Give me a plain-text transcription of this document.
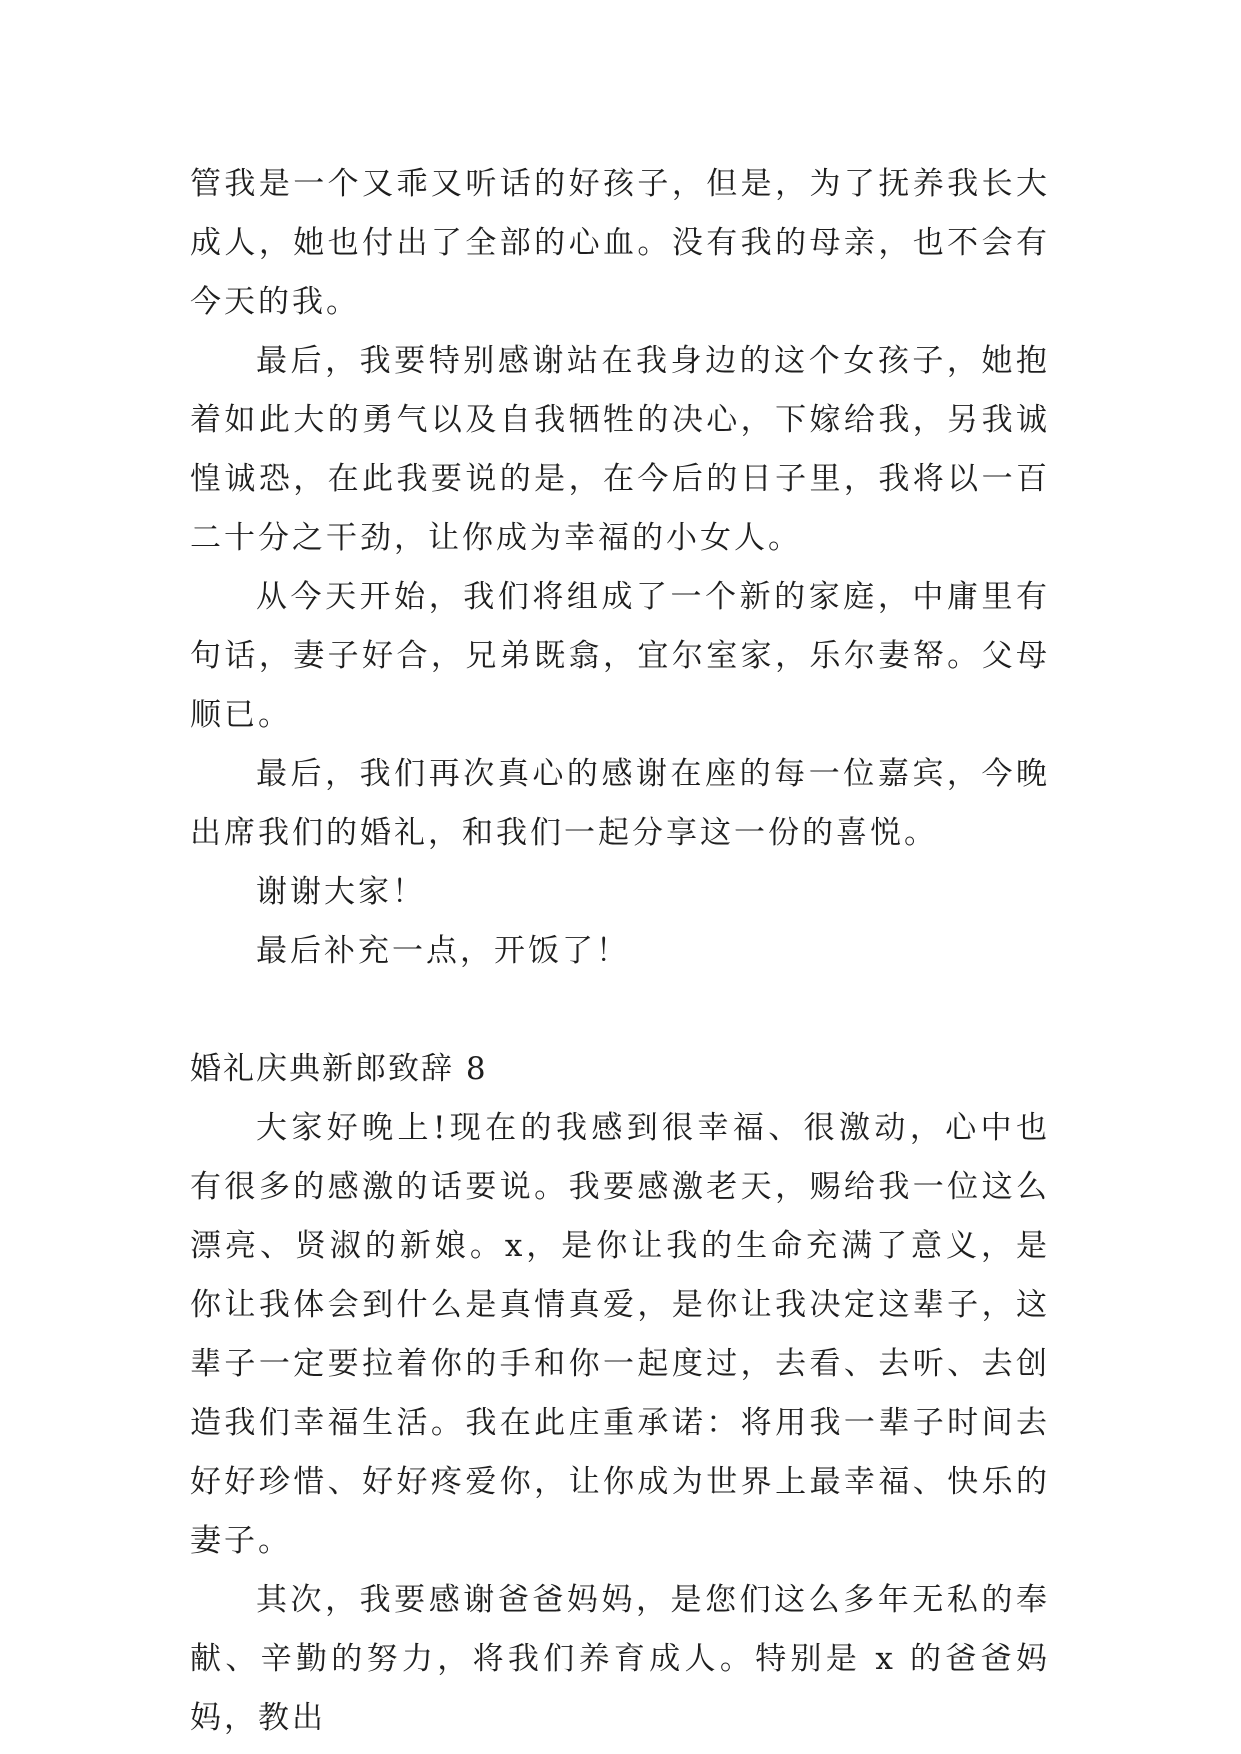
管我是一个又乖又听话的好孩子，但是，为了抚养我长大成人，她也付出了全部的心血。没有我的母亲，也不会有今天的我。

最后，我要特别感谢站在我身边的这个女孩子，她抱着如此大的勇气以及自我牺牲的决心，下嫁给我，另我诚惶诚恐，在此我要说的是，在今后的日子里，我将以一百二十分之干劲，让你成为幸福的小女人。

从今天开始，我们将组成了一个新的家庭，中庸里有句话，妻子好合，兄弟既翕，宜尔室家，乐尔妻帑。父母顺已。

最后，我们再次真心的感谢在座的每一位嘉宾，今晚出席我们的婚礼，和我们一起分享这一份的喜悦。

谢谢大家！

最后补充一点，开饭了！

婚礼庆典新郎致辞 8

大家好晚上!现在的我感到很幸福、很激动，心中也有很多的感激的话要说。我要感激老天，赐给我一位这么漂亮、贤淑的新娘。x，是你让我的生命充满了意义，是你让我体会到什么是真情真爱，是你让我决定这辈子，这辈子一定要拉着你的手和你一起度过，去看、去听、去创造我们幸福生活。我在此庄重承诺：将用我一辈子时间去好好珍惜、好好疼爱你，让你成为世界上最幸福、快乐的妻子。

其次，我要感谢爸爸妈妈，是您们这么多年无私的奉献、辛勤的努力，将我们养育成人。特别是 x 的爸爸妈妈，教出
